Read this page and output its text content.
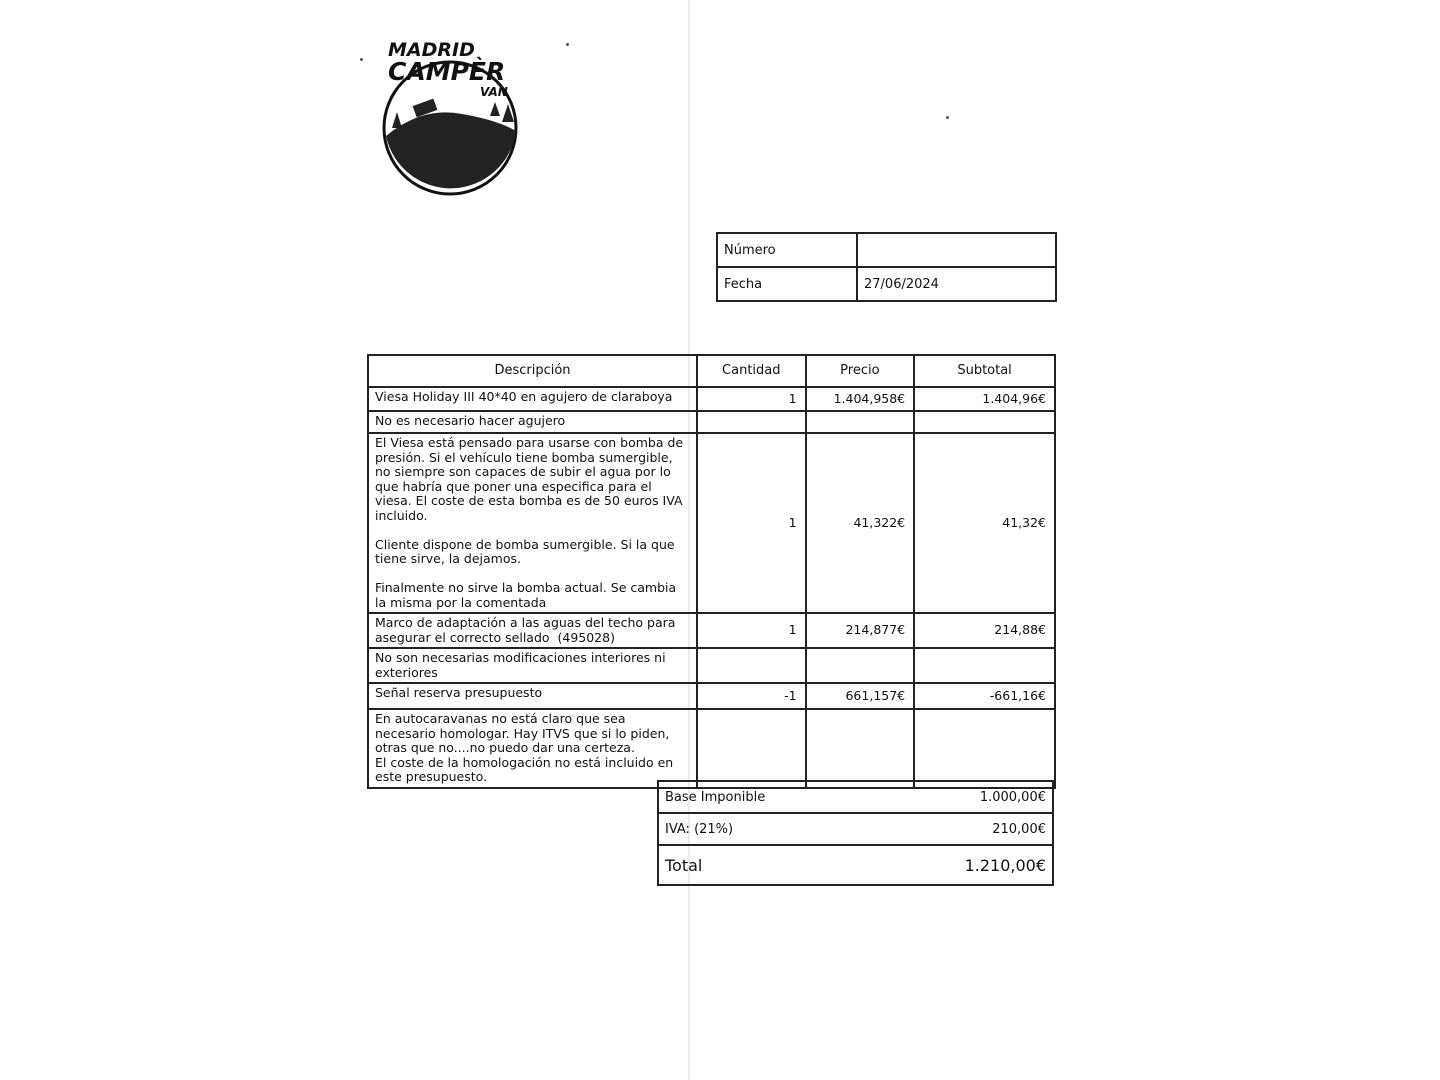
MADRID
CAMPÈR
VAN
Número	
Fecha	27/06/2024
Descripción	Cantidad	Precio	Subtotal
Viesa Holiday III 40*40 en agujero de claraboya	1	1.404,958€	1.404,96€
No es necesario hacer agujero			
El Viesa está pensado para usarse con bomba de presión. Si el vehículo tiene bomba sumergible, no siempre son capaces de subir el agua por lo que habría que poner una especifica para el viesa. El coste de esta bomba es de 50 euros IVA incluido.

Cliente dispone de bomba sumergible. Si la que tiene sirve, la dejamos.

Finalmente no sirve la bomba actual. Se cambia la misma por la comentada	1	41,322€	41,32€
Marco de adaptación a las aguas del techo para asegurar el correcto sellado  (495028)	1	214,877€	214,88€
No son necesarias modificaciones interiores ni exteriores			
Señal reserva presupuesto	-1	661,157€	-661,16€
En autocaravanas no está claro que sea necesario homologar. Hay ITVS que si lo piden, otras que no....no puedo dar una certeza.
El coste de la homologación no está incluido en este presupuesto.			
Base Imponible	1.000,00€
IVA: (21%)	210,00€
Total	1.210,00€
